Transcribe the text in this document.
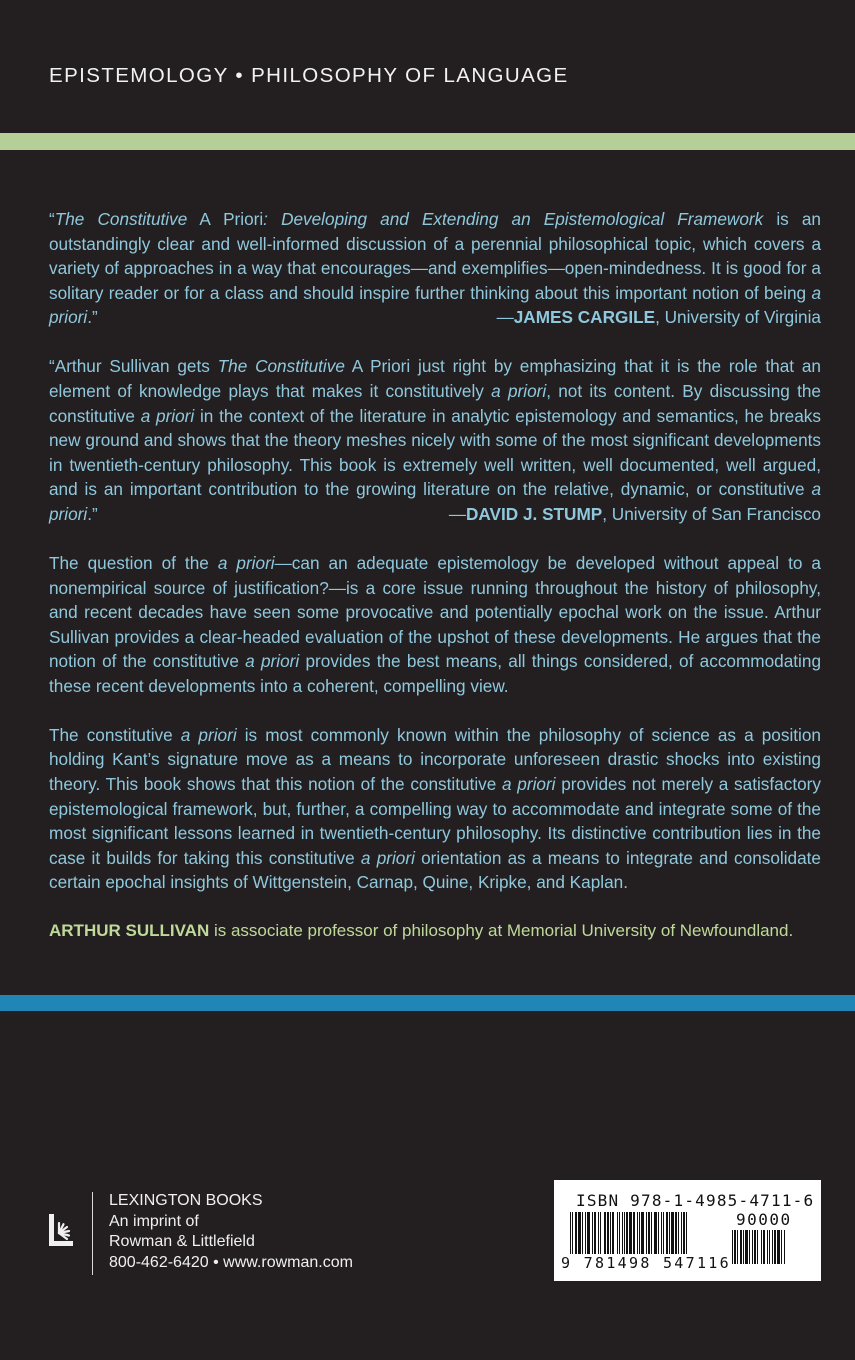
EPISTEMOLOGY • PHILOSOPHY OF LANGUAGE

“The Constitutive A Priori: Developing and Extending an Epistemological Framework is an outstandingly clear and well-informed discussion of a perennial philosophical topic, which covers a variety of approaches in a way that encourages—and exemplifies—open-mindedness. It is good for a solitary reader or for a class and should inspire further thinking about this important notion of being a priori.”	—JAMES CARGILE, University of Virginia

“Arthur Sullivan gets The Constitutive A Priori just right by emphasizing that it is the role that an element of knowledge plays that makes it constitutively a priori, not its content. By discussing the constitutive a priori in the context of the literature in analytic epistemology and semantics, he breaks new ground and shows that the theory meshes nicely with some of the most significant developments in twentieth-century philosophy. This book is extremely well written, well documented, well argued, and is an important contribution to the growing literature on the relative, dynamic, or constitutive a priori.”	—DAVID J. STUMP, University of San Francisco

The question of the a priori—can an adequate epistemology be developed without appeal to a nonempirical source of justification?—is a core issue running throughout the history of philosophy, and recent decades have seen some provocative and potentially epochal work on the issue. Arthur Sullivan provides a clear-headed evaluation of the upshot of these developments. He argues that the notion of the constitutive a priori provides the best means, all things considered, of accommodating these recent developments into a coherent, compelling view.

The constitutive a priori is most commonly known within the philosophy of science as a position holding Kant’s signature move as a means to incorporate unforeseen drastic shocks into existing theory. This book shows that this notion of the constitutive a priori provides not merely a satisfactory epistemological framework, but, further, a compelling way to accommodate and integrate some of the most significant lessons learned in twentieth-century philosophy. Its distinctive contribution lies in the case it builds for taking this constitutive a priori orientation as a means to integrate and consolidate certain epochal insights of Wittgenstein, Carnap, Quine, Kripke, and Kaplan.

ARTHUR SULLIVAN is associate professor of philosophy at Memorial University of Newfoundland.
LEXINGTON BOOKS
An imprint of
Rowman & Littlefield
800-462-6420 • www.rowman.com
ISBN 978-1-4985-4711-6
90000
9 781498 547116
